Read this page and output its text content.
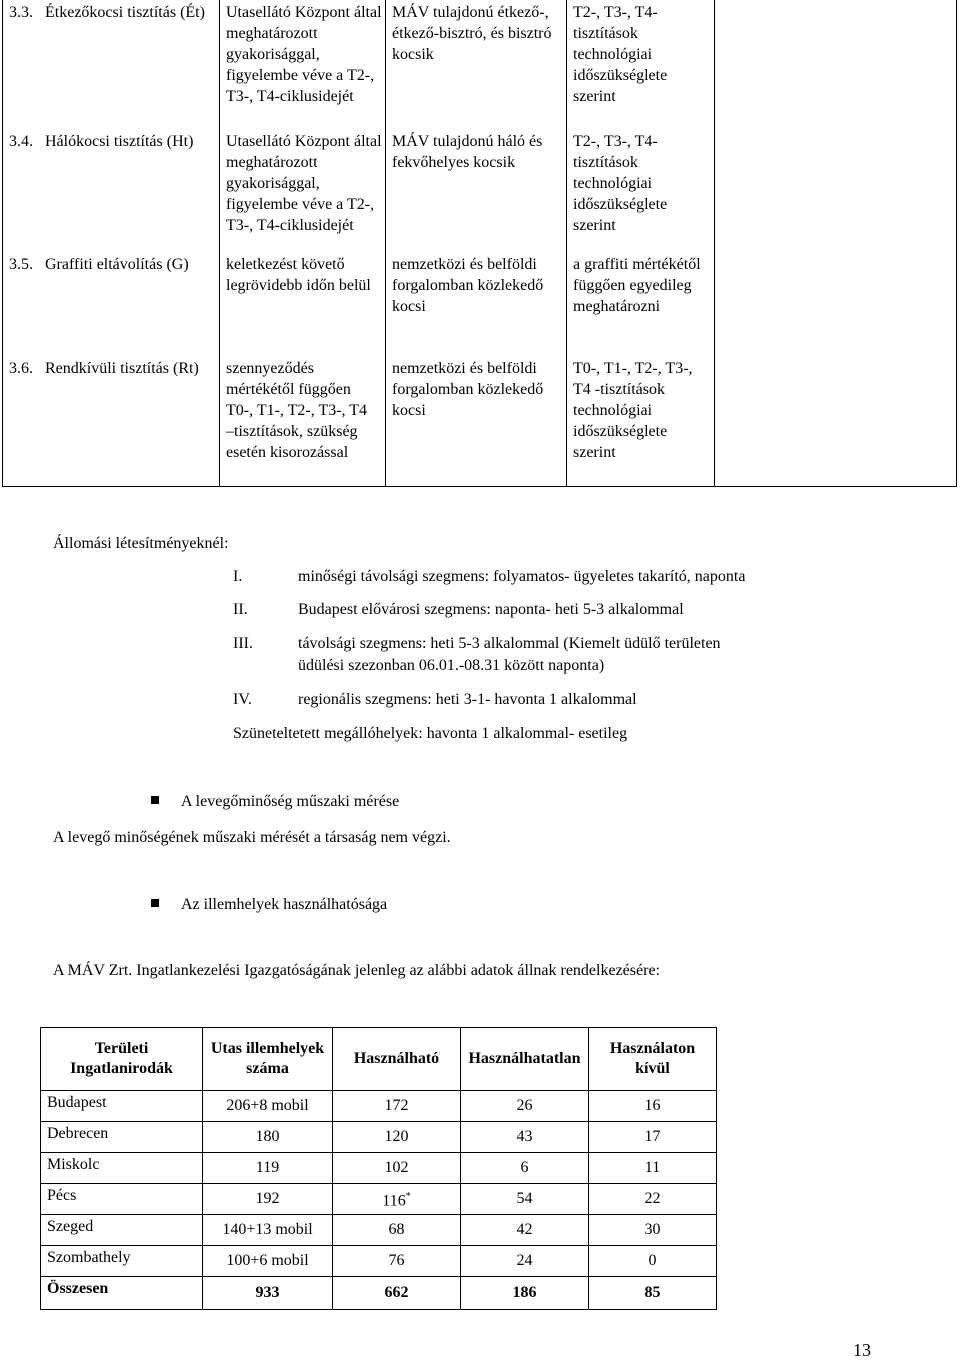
3.3. Étkezőkocsi tisztítás (Ét)	Utasellátó Központ által meghatározott gyakorisággal, figyelembe véve a T2-, T3-, T4-ciklusidejét	MÁV tulajdonú étkező-, étkező-bisztró, és bisztró kocsik	T2-, T3-, T4-tisztítások technológiai időszükséglete szerint	
3.4. Hálókocsi tisztítás (Ht)	Utasellátó Központ által meghatározott gyakorisággal, figyelembe véve a T2-, T3-, T4-ciklusidejét	MÁV tulajdonú háló és fekvőhelyes kocsik	T2-, T3-, T4-tisztítások technológiai időszükséglete szerint	
3.5. Graffiti eltávolítás (G)	keletkezést követő legrövidebb időn belül	nemzetközi és belföldi forgalomban közlekedő kocsi	a graffiti mértékétől függően egyedileg meghatározni	
3.6. Rendkívüli tisztítás (Rt)	szennyeződés mértékétől függően T0-, T1-, T2-, T3-, T4 –tisztítások, szükség esetén kisorozással	nemzetközi és belföldi forgalomban közlekedő kocsi	T0-, T1-, T2-, T3-, T4 -tisztítások technológiai időszükséglete szerint	
Állomási létesítményeknél:
I.	minőségi távolsági szegmens: folyamatos- ügyeletes takarító, naponta
II.	Budapest elővárosi szegmens: naponta- heti 5-3 alkalommal
III.	távolsági szegmens: heti 5-3 alkalommal (Kiemelt üdülő területen
üdülési szezonban 06.01.-08.31 között naponta)
IV.	regionális szegmens: heti 3-1- havonta 1 alkalommal
Szüneteltetett megállóhelyek: havonta 1 alkalommal- esetileg
A levegőminőség műszaki mérése
A levegő minőségének műszaki mérését a társaság nem végzi.
Az illemhelyek használhatósága
A MÁV Zrt. Ingatlankezelési Igazgatóságának jelenleg az alábbi adatok állnak rendelkezésére:
Területi Ingatlanirodák	Utas illemhelyek száma	Használható	Használhatatlan	Használaton kívül
Budapest	206+8 mobil	172	26	16
Debrecen	180	120	43	17
Miskolc	119	102	6	11
Pécs	192	116*	54	22
Szeged	140+13 mobil	68	42	30
Szombathely	100+6 mobil	76	24	0
Összesen	933	662	186	85
13
